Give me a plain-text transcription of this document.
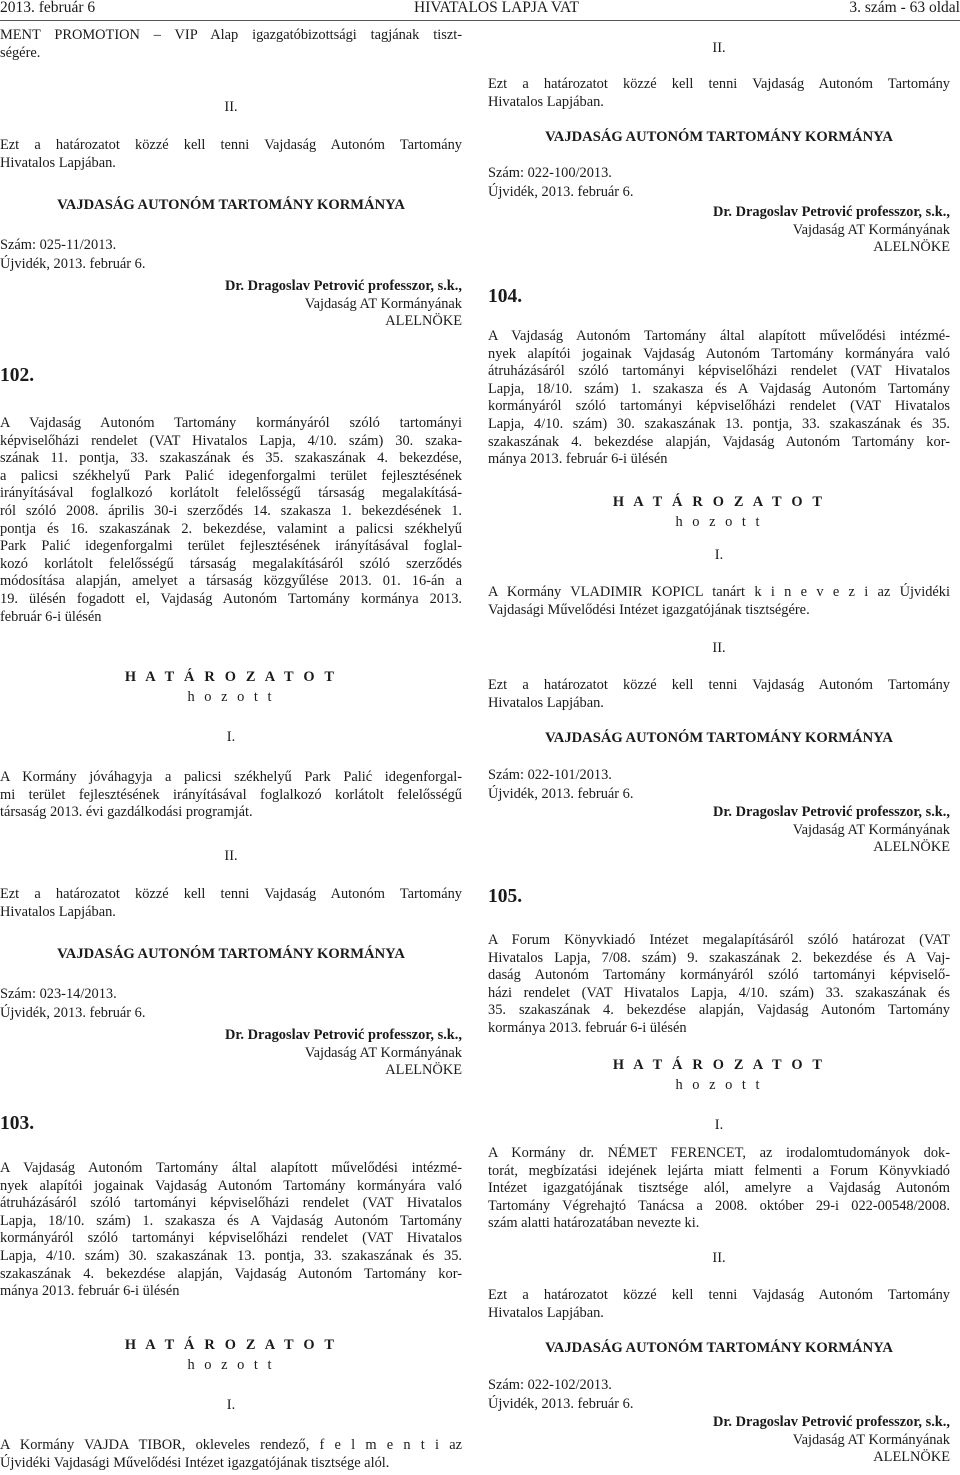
2013. február 6	HIVATALOS LAPJA VAT	3. szám - 63 oldal
MENT PROMOTION – VIP Alap igazgatóbizottsági tagjának tiszt-
ségére.
II.
Ezt a határozatot közzé kell tenni Vajdaság Autonóm Tartomány
Hivatalos Lapjában.
VAJDASÁG AUTONÓM TARTOMÁNY KORMÁNYA
Szám: 025-11/2013.
Újvidék, 2013. február 6.
Dr. Dragoslav Petrović professzor, s.k.,
Vajdaság AT Kormányának
ALELNÖKE
102.
A Vajdaság Autonóm Tartomány kormányáról szóló tartományi
képviselőházi rendelet (VAT Hivatalos Lapja, 4/10. szám) 30. szaka-
szának 11. pontja, 33. szakaszának és 35. szakaszának 4. bekezdése,
a palicsi székhelyű Park Palić idegenforgalmi terület fejlesztésének
irányításával foglalkozó korlátolt felelősségű társaság megalakításá-
ról szóló 2008. április 30-i szerződés 14. szakasza 1. bekezdésének 1.
pontja és 16. szakaszának 2. bekezdése, valamint a palicsi székhelyű
Park Palić idegenforgalmi terület fejlesztésének irányításával foglal-
kozó korlátolt felelősségű társaság megalakításáról szóló szerződés
módosítása alapján, amelyet a társaság közgyűlése 2013. 01. 16-án a
19. ülésén fogadott el, Vajdaság Autonóm Tartomány kormánya 2013.
február 6-i ülésén
H A T Á R O Z A T O T
h o z o t t
I.
A Kormány jóváhagyja a palicsi székhelyű Park Palić idegenforgal-
mi terület fejlesztésének irányításával foglalkozó korlátolt felelősségű
társaság 2013. évi gazdálkodási programját.
II.
Ezt a határozatot közzé kell tenni Vajdaság Autonóm Tartomány
Hivatalos Lapjában.
VAJDASÁG AUTONÓM TARTOMÁNY KORMÁNYA
Szám: 023-14/2013.
Újvidék, 2013. február 6.
Dr. Dragoslav Petrović professzor, s.k.,
Vajdaság AT Kormányának
ALELNÖKE
103.
A Vajdaság Autonóm Tartomány által alapított művelődési intézmé-
nyek alapítói jogainak Vajdaság Autonóm Tartomány kormányára való
átruházásáról szóló tartományi képviselőházi rendelet (VAT Hivatalos
Lapja, 18/10. szám) 1. szakasza és A Vajdaság Autonóm Tartomány
kormányáról szóló tartományi képviselőházi rendelet (VAT Hivatalos
Lapja, 4/10. szám) 30. szakaszának 13. pontja, 33. szakaszának és 35.
szakaszának 4. bekezdése alapján, Vajdaság Autonóm Tartomány kor-
mánya 2013. február 6-i ülésén
H A T Á R O Z A T O T
h o z o t t
I.
A Kormány VAJDA TIBOR, okleveles rendező, f e l m e n t i az
Újvidéki Vajdasági Művelődési Intézet igazgatójának tisztsége alól.
II.
Ezt a határozatot közzé kell tenni Vajdaság Autonóm Tartomány
Hivatalos Lapjában.
VAJDASÁG AUTONÓM TARTOMÁNY KORMÁNYA
Szám: 022-100/2013.
Újvidék, 2013. február 6.
Dr. Dragoslav Petrović professzor, s.k.,
Vajdaság AT Kormányának
ALELNÖKE
104.
A Vajdaság Autonóm Tartomány által alapított művelődési intézmé-
nyek alapítói jogainak Vajdaság Autonóm Tartomány kormányára való
átruházásáról szóló tartományi képviselőházi rendelet (VAT Hivatalos
Lapja, 18/10. szám) 1. szakasza és A Vajdaság Autonóm Tartomány
kormányáról szóló tartományi képviselőházi rendelet (VAT Hivatalos
Lapja, 4/10. szám) 30. szakaszának 13. pontja, 33. szakaszának és 35.
szakaszának 4. bekezdése alapján, Vajdaság Autonóm Tartomány kor-
mánya 2013. február 6-i ülésén
H A T Á R O Z A T O T
h o z o t t
I.
A Kormány VLADIMIR KOPICL tanárt k i n e v e z i az Újvidéki
Vajdasági Művelődési Intézet igazgatójának tisztségére.
II.
Ezt a határozatot közzé kell tenni Vajdaság Autonóm Tartomány
Hivatalos Lapjában.
VAJDASÁG AUTONÓM TARTOMÁNY KORMÁNYA
Szám: 022-101/2013.
Újvidék, 2013. február 6.
Dr. Dragoslav Petrović professzor, s.k.,
Vajdaság AT Kormányának
ALELNÖKE
105.
A Forum Könyvkiadó Intézet megalapításáról szóló határozat (VAT
Hivatalos Lapja, 7/08. szám) 9. szakaszának 2. bekezdése és A Vaj-
daság Autonóm Tartomány kormányáról szóló tartományi képviselő-
házi rendelet (VAT Hivatalos Lapja, 4/10. szám) 33. szakaszának és
35. szakaszának 4. bekezdése alapján, Vajdaság Autonóm Tartomány
kormánya 2013. február 6-i ülésén
H A T Á R O Z A T O T
h o z o t t
I.
A Kormány dr. NÉMET FERENCET, az irodalomtudományok dok-
torát, megbízatási idejének lejárta miatt felmenti a Forum Könyvkiadó
Intézet igazgatójának tisztsége alól, amelyre a Vajdaság Autonóm
Tartomány Végrehajtó Tanácsa a 2008. október 29-i 022-00548/2008.
szám alatti határozatában nevezte ki.
II.
Ezt a határozatot közzé kell tenni Vajdaság Autonóm Tartomány
Hivatalos Lapjában.
VAJDASÁG AUTONÓM TARTOMÁNY KORMÁNYA
Szám: 022-102/2013.
Újvidék, 2013. február 6.
Dr. Dragoslav Petrović professzor, s.k.,
Vajdaság AT Kormányának
ALELNÖKE
